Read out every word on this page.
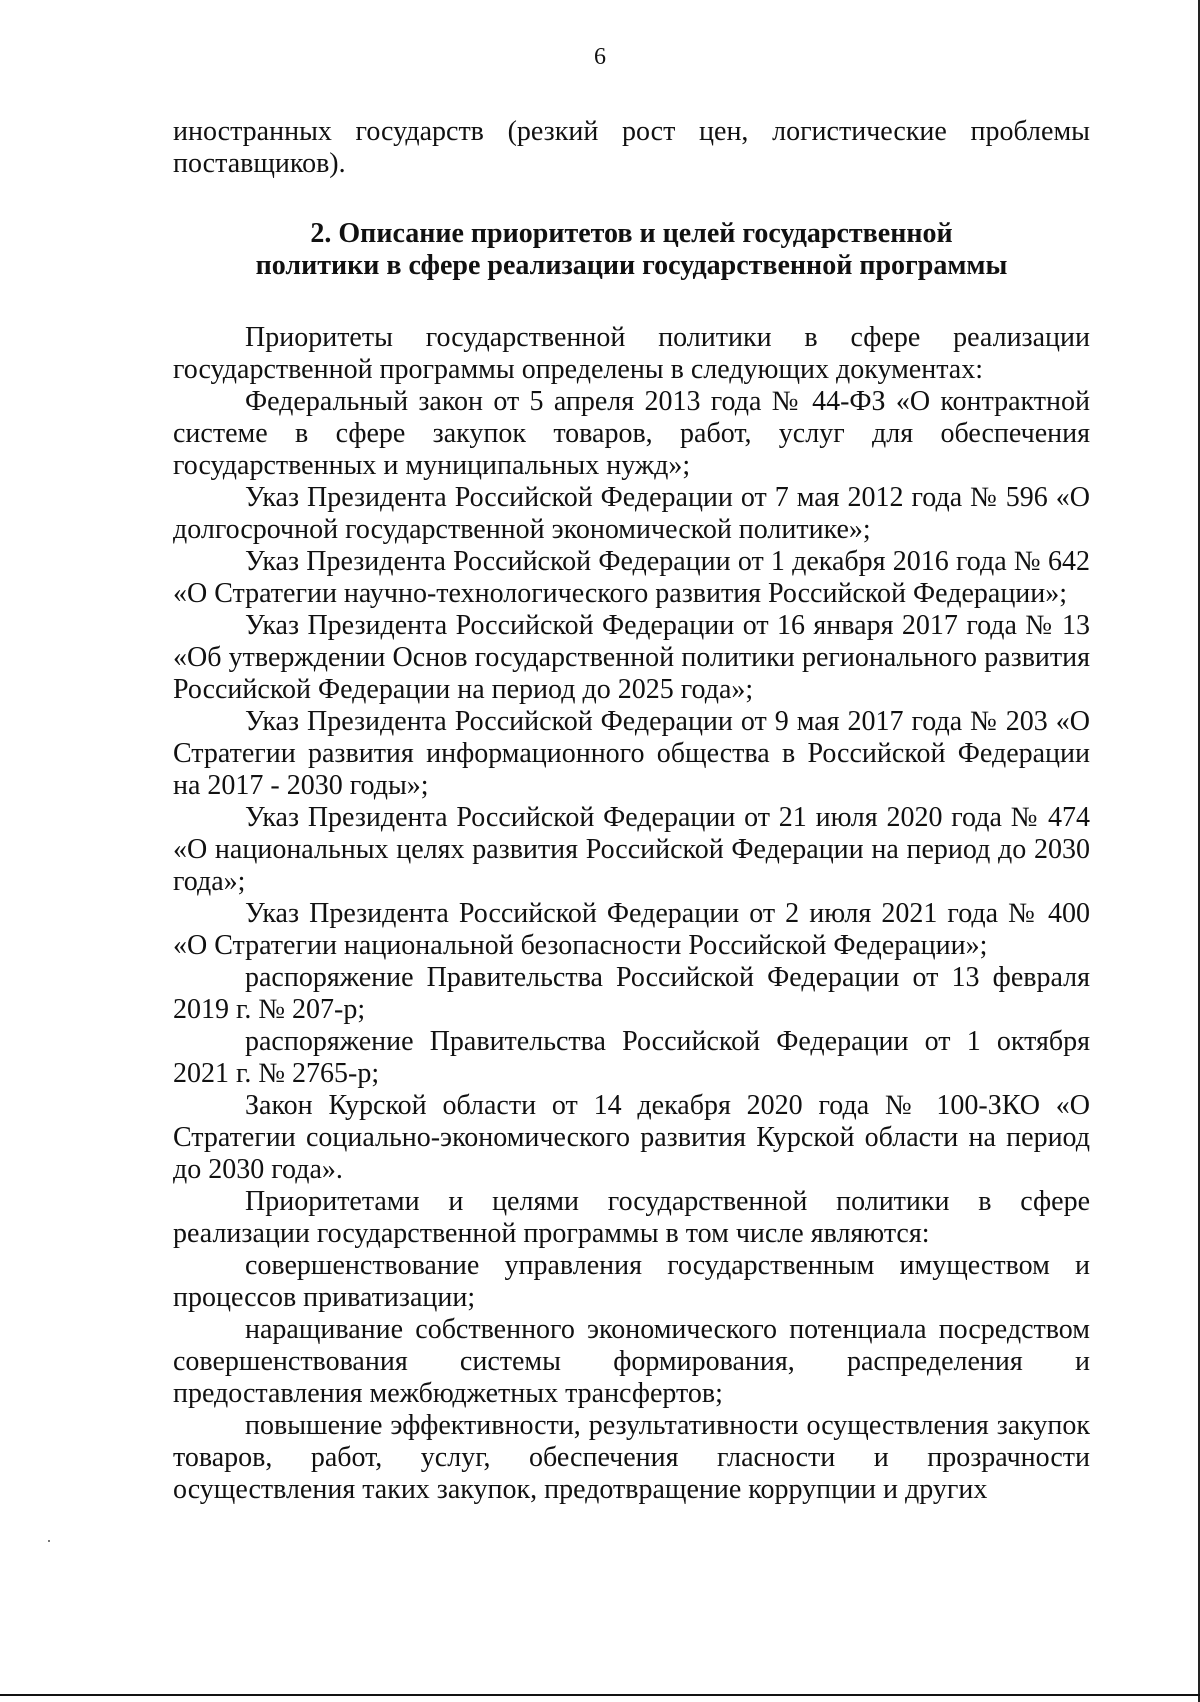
6

иностранных государств (резкий рост цен, логистические проблемы поставщиков).

2. Описание приоритетов и целей государственной
политики в сфере реализации государственной программы

Приоритеты государственной политики в сфере реализации государственной программы определены в следующих документах:

Федеральный закон от 5 апреля 2013 года № 44-ФЗ «О контрактной системе в сфере закупок товаров, работ, услуг для обеспечения государственных и муниципальных нужд»;

Указ Президента Российской Федерации от 7 мая 2012 года № 596 «О долгосрочной государственной экономической политике»;

Указ Президента Российской Федерации от 1 декабря 2016 года № 642 «О Стратегии научно-технологического развития Российской Федерации»;

Указ Президента Российской Федерации от 16 января 2017 года № 13 «Об утверждении Основ государственной политики регионального развития Российской Федерации на период до 2025 года»;

Указ Президента Российской Федерации от 9 мая 2017 года № 203 «О Стратегии развития информационного общества в Российской Федерации на 2017 - 2030 годы»;

Указ Президента Российской Федерации от 21 июля 2020 года № 474 «О национальных целях развития Российской Федерации на период до 2030 года»;

Указ Президента Российской Федерации от 2 июля 2021 года № 400 «О Стратегии национальной безопасности Российской Федерации»;

распоряжение Правительства Российской Федерации от 13 февраля 2019 г. № 207-р;

распоряжение Правительства Российской Федерации от 1 октября 2021 г. № 2765-р;

Закон Курской области от 14 декабря 2020 года № 100-ЗКО «О Стратегии социально-экономического развития Курской области на период до 2030 года».

Приоритетами и целями государственной политики в сфере реализации государственной программы в том числе являются:

совершенствование управления государственным имуществом и процессов приватизации;

наращивание собственного экономического потенциала посредством совершенствования системы формирования, распределения и предоставления межбюджетных трансфертов;

повышение эффективности, результативности осуществления закупок товаров, работ, услуг, обеспечения гласности и прозрачности осуществления таких закупок, предотвращение коррупции и других
